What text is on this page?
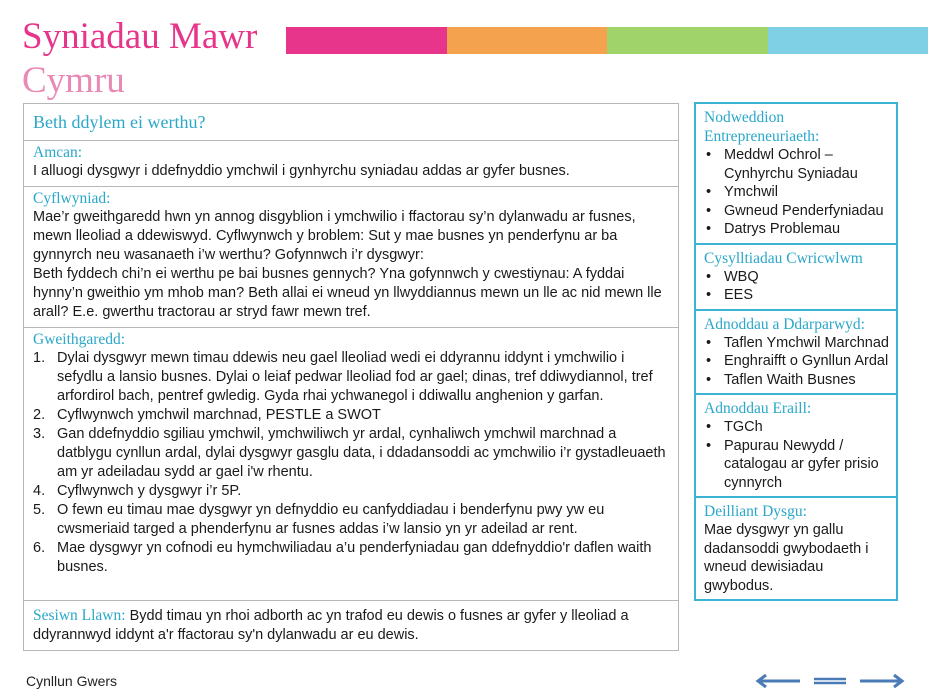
Syniadau Mawr
Cymru
Beth ddylem ei werthu?
Amcan:

I alluogi dysgwyr i ddefnyddio ymchwil i gynhyrchu syniadau addas ar gyfer busnes.

Cyflwyniad:

Mae’r gweithgaredd hwn yn annog disgyblion i ymchwilio i ffactorau sy’n dylanwadu ar fusnes, mewn lleoliad a ddewiswyd. Cyflwynwch y broblem: Sut y mae busnes yn penderfynu ar ba gynnyrch neu wasanaeth i’w werthu? Gofynnwch i’r dysgwyr:

Beth fyddech chi’n ei werthu pe bai busnes gennych? Yna gofynnwch y cwestiynau: A fyddai hynny’n gweithio ym mhob man? Beth allai ei wneud yn llwyddiannus mewn un lle ac nid mewn lle arall? E.e. gwerthu tractorau ar stryd fawr mewn tref.

Gweithgaredd:
1. Dylai dysgwyr mewn timau ddewis neu gael lleoliad wedi ei ddyrannu iddynt i ymchwilio i sefydlu a lansio busnes. Dylai o leiaf pedwar lleoliad fod ar gael; dinas, tref ddiwydiannol, tref arfordirol bach, pentref gwledig. Gyda rhai ychwanegol i ddiwallu anghenion y garfan.
2. Cyflwynwch ymchwil marchnad, PESTLE a SWOT
3. Gan ddefnyddio sgiliau ymchwil, ymchwiliwch yr ardal, cynhaliwch ymchwil marchnad a datblygu cynllun ardal, dylai dysgwyr gasglu data, i ddadansoddi ac ymchwilio i’r gystadleuaeth am yr adeiladau sydd ar gael i'w rhentu.
4. Cyflwynwch y dysgwyr i’r 5P.
5. O fewn eu timau mae dysgwyr yn defnyddio eu canfyddiadau i benderfynu pwy yw eu cwsmeriaid targed a phenderfynu ar fusnes addas i’w lansio yn yr adeilad ar rent.
6. Mae dysgwyr yn cofnodi eu hymchwiliadau a’u penderfyniadau gan ddefnyddio'r daflen waith busnes.

Sesiwn Llawn: Bydd timau yn rhoi adborth ac yn trafod eu dewis o fusnes ar gyfer y lleoliad a ddyrannwyd iddynt a'r ffactorau sy'n dylanwadu ar eu dewis.

Nodweddion Entrepreneuriaeth:
• Meddwl Ochrol – Cynhyrchu Syniadau
• Ymchwil
• Gwneud Penderfyniadau
• Datrys Problemau
Cysylltiadau Cwricwlwm
• WBQ
• EES
Adnoddau a Ddarparwyd:
• Taflen Ymchwil Marchnad
• Enghraifft o Gynllun Ardal
• Taflen Waith Busnes
Adnoddau Eraill:
• TGCh
• Papurau Newydd / catalogau ar gyfer prisio cynnyrch
Deilliant Dysgu:

Mae dysgwyr yn gallu dadansoddi gwybodaeth i wneud dewisiadau gwybodus.

Cynllun Gwers
